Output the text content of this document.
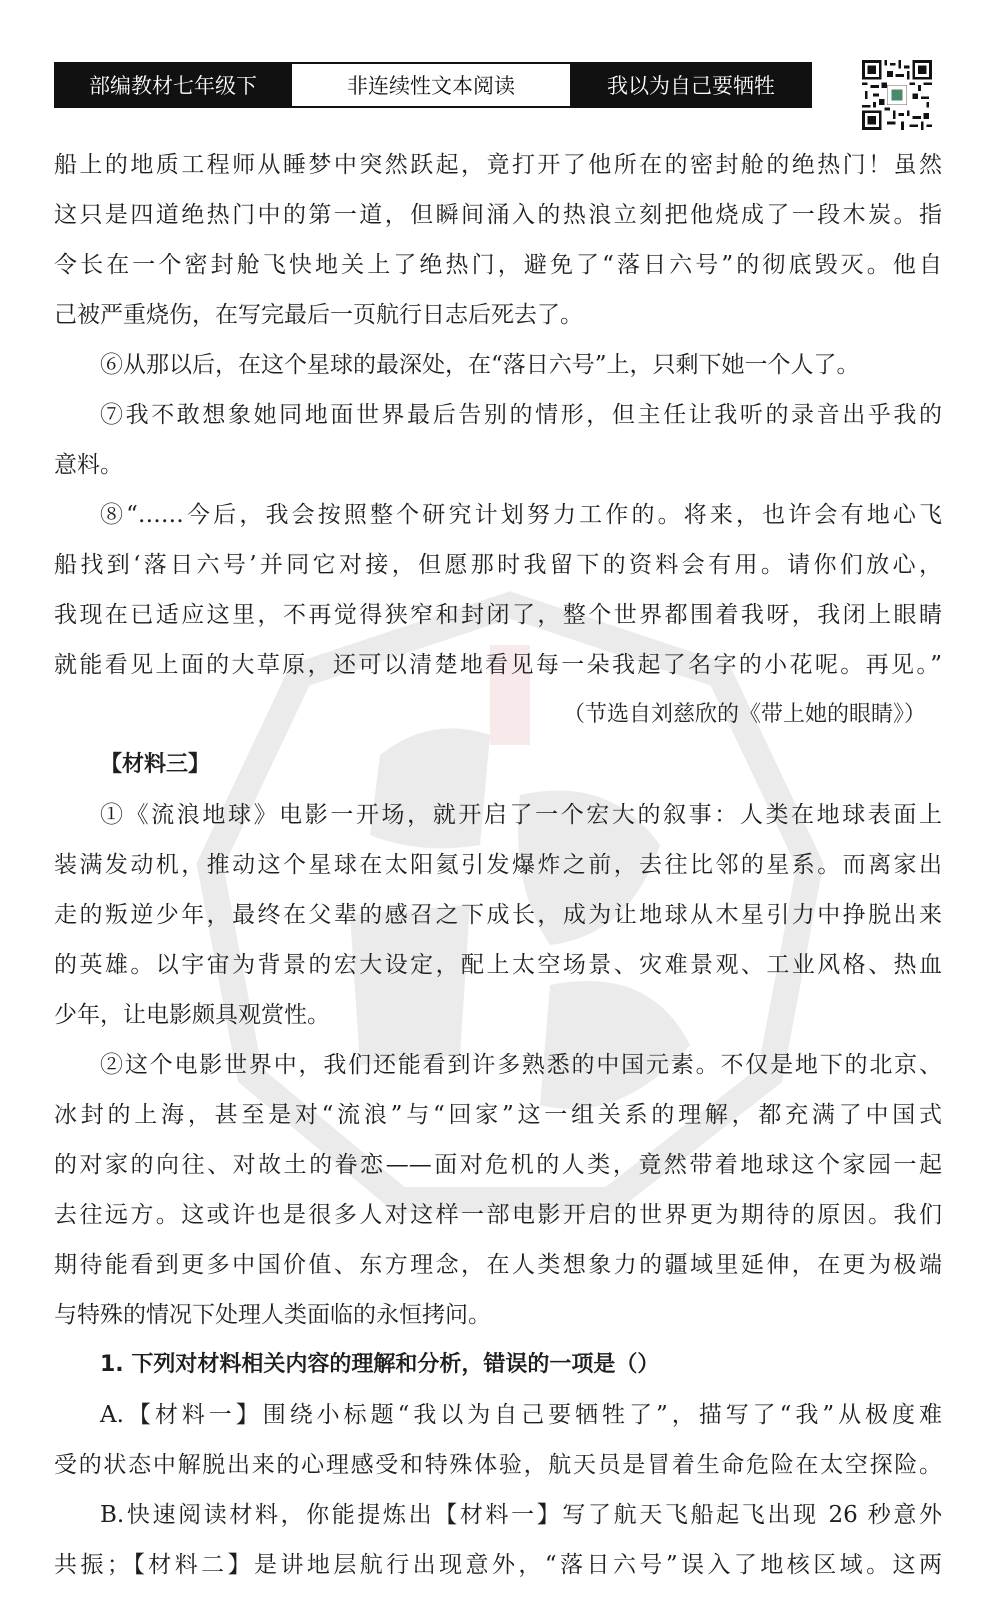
部编教材七年级下	非连续性文本阅读	我以为自己要牺牲
船上的地质工程师从睡梦中突然跃起，竟打开了他所在的密封舱的绝热门！虽然
这只是四道绝热门中的第一道，但瞬间涌入的热浪立刻把他烧成了一段木炭。指
令长在一个密封舱飞快地关上了绝热门，避免了“落日六号”的彻底毁灭。他自
己被严重烧伤，在写完最后一页航行日志后死去了。
⑥从那以后，在这个星球的最深处，在“落日六号”上，只剩下她一个人了。
⑦我不敢想象她同地面世界最后告别的情形，但主任让我听的录音出乎我的
意料。
⑧“……今后，我会按照整个研究计划努力工作的。将来，也许会有地心飞
船找到‘落日六号’并同它对接，但愿那时我留下的资料会有用。请你们放心，
我现在已适应这里，不再觉得狭窄和封闭了，整个世界都围着我呀，我闭上眼睛
就能看见上面的大草原，还可以清楚地看见每一朵我起了名字的小花呢。再见。”
（节选自刘慈欣的《带上她的眼睛》）
【材料三】
①《流浪地球》电影一开场，就开启了一个宏大的叙事：人类在地球表面上
装满发动机，推动这个星球在太阳氦引发爆炸之前，去往比邻的星系。而离家出
走的叛逆少年，最终在父辈的感召之下成长，成为让地球从木星引力中挣脱出来
的英雄。以宇宙为背景的宏大设定，配上太空场景、灾难景观、工业风格、热血
少年，让电影颇具观赏性。
②这个电影世界中，我们还能看到许多熟悉的中国元素。不仅是地下的北京、
冰封的上海，甚至是对“流浪”与“回家”这一组关系的理解，都充满了中国式
的对家的向往、对故土的眷恋——面对危机的人类，竟然带着地球这个家园一起
去往远方。这或许也是很多人对这样一部电影开启的世界更为期待的原因。我们
期待能看到更多中国价值、东方理念，在人类想象力的疆域里延伸，在更为极端
与特殊的情况下处理人类面临的永恒拷问。
1. 下列对材料相关内容的理解和分析，错误的一项是（）
A.【材料一】围绕小标题“我以为自己要牺牲了”，描写了“我”从极度难
受的状态中解脱出来的心理感受和特殊体验，航天员是冒着生命危险在太空探险。
B.快速阅读材料，你能提炼出【材料一】写了航天飞船起飞出现 26 秒意外
共振；【材料二】是讲地层航行出现意外，“落日六号”误入了地核区域。这两
